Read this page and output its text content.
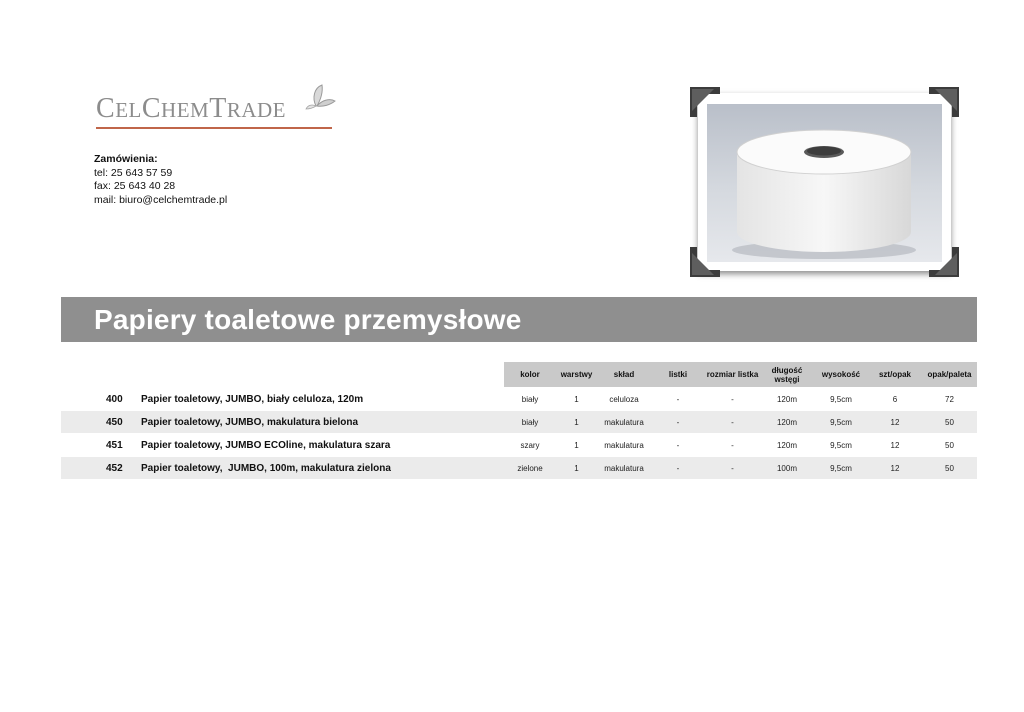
CELCHEMTRADE
Zamówienia:
tel: 25 643 57 59
fax: 25 643 40 28
mail: biuro@celchemtrade.pl
Papiery toaletowe przemysłowe
kolor	warstwy	skład	listki	rozmiar listka	długość wstęgi	wysokość	szt/opak	opak/paleta
400 Papier toaletowy, JUMBO, biały celuloza, 120m	biały	1	celuloza	-	-	120m	9,5cm	6	72
450 Papier toaletowy, JUMBO, makulatura bielona	biały	1	makulatura	-	-	120m	9,5cm	12	50
451 Papier toaletowy, JUMBO ECOline, makulatura szara	szary	1	makulatura	-	-	120m	9,5cm	12	50
452 Papier toaletowy,  JUMBO, 100m, makulatura zielona	zielone	1	makulatura	-	-	100m	9,5cm	12	50
